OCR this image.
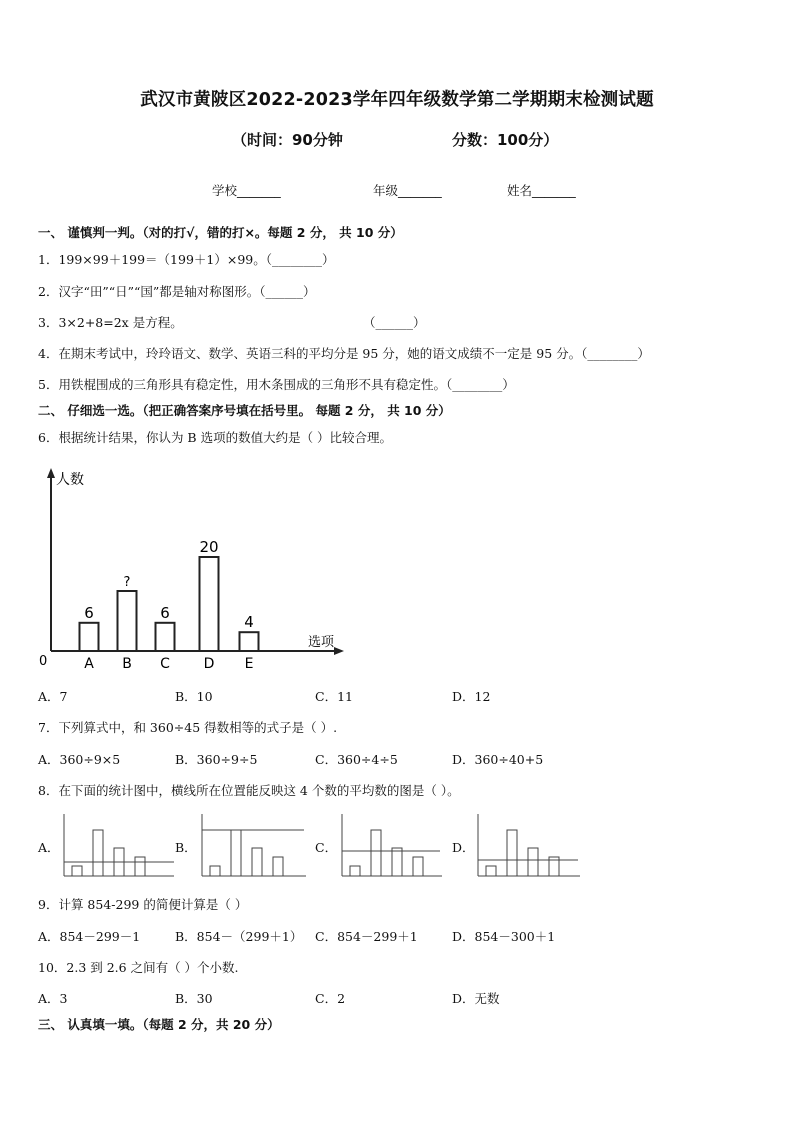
武汉市黄陂区2022-2023学年四年级数学第二学期期末检测试题
（时间：90分钟	分数：100分）
学校_______	年级_______	姓名_______
一、 谨慎判一判。（对的打√，错的打×。每题 2 分， 共 10 分）
1．199×99＋199＝（199＋1）×99。（________）
2．汉字“田”“日”“国”都是轴对称图形。（______）
3．3×2+8=2x 是方程。	（______）
4．在期末考试中，玲玲语文、数学、英语三科的平均分是 95 分，她的语文成绩不一定是 95 分。（________）
5．用铁棍围成的三角形具有稳定性，用木条围成的三角形不具有稳定性。（________）
二、 仔细选一选。（把正确答案序号填在括号里。 每题 2 分， 共 10 分）
6．根据统计结果，你认为 B 选项的数值大约是（ ）比较合理。
人数
选项
0
6
A
?
B
6
C
20
D
4
E
A．7	B．10	C．11	D．12
7．下列算式中，和 360÷45 得数相等的式子是（ ）.
A．360÷9×5	B．360÷9÷5	C．360÷4÷5	D．360÷40+5
8．在下面的统计图中，横线所在位置能反映这 4 个数的平均数的图是（ ）。
A．	B．	C．	D．
9．计算 854-299 的简便计算是（ ）
A．854－299－1	B．854－（299＋1） C．854－299＋1	D．854－300＋1
10．2.3 到 2.6 之间有（ ）个小数.
A．3	B．30	C．2	D．无数
三、 认真填一填。（每题 2 分，共 20 分）
